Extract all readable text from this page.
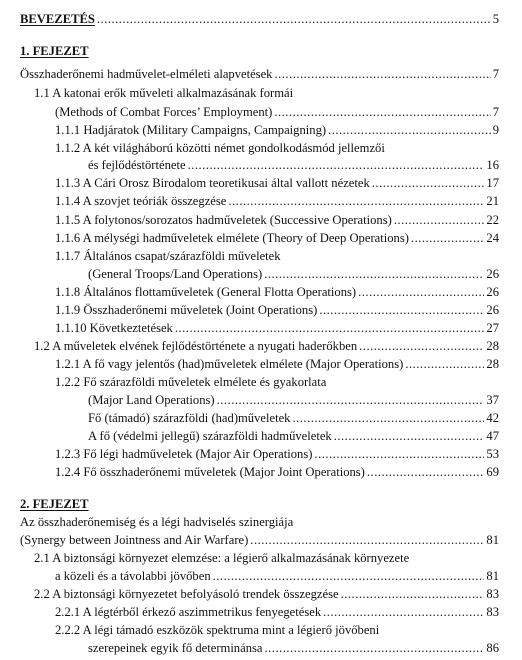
BEVEZETÉS .....	5
1. FEJEZET
Összhaderőnemi hadművelet-elméleti alapvetések .....	7
1.1 A katonai erők műveleti alkalmazásának formái
(Methods of Combat Forces’ Employment) .....	7
1.1.1 Hadjáratok (Military Campaigns, Campaigning) .....	9
1.1.2 A két világháború közötti német gondolkodásmód jellemzői
és fejlődéstörténete .....	16
1.1.3 A Cári Orosz Birodalom teoretikusai által vallott nézetek .....	17
1.1.4 A szovjet teóriák összegzése .....	21
1.1.5 A folytonos/sorozatos hadműveletek (Successive Operations) .....	22
1.1.6 A mélységi hadműveletek elmélete (Theory of Deep Operations) .....	24
1.1.7 Általános csapat/szárazföldi műveletek
(General Troops/Land Operations) .....	26
1.1.8 Általános flottaműveletek (General Flotta Operations) .....	26
1.1.9 Összhaderőnemi műveletek (Joint Operations) .....	26
1.1.10 Következtetések .....	27
1.2 A műveletek elvének fejlődéstörténete a nyugati haderőkben .....	28
1.2.1 A fő vagy jelentős (had)műveletek elmélete (Major Operations) .....	28
1.2.2 Fő szárazföldi műveletek elmélete és gyakorlata
(Major Land Operations) .....	37
Fő (támadó) szárazföldi (had)műveletek .....	42
A fő (védelmi jellegű) szárazföldi hadműveletek .....	47
1.2.3 Fő légi hadműveletek (Major Air Operations) .....	53
1.2.4 Fő összhaderőnemi műveletek (Major Joint Operations) .....	69
2. FEJEZET
Az összhaderőnemiség és a légi hadviselés szinergiája
(Synergy between Jointness and Air Warfare) .....	81
2.1 A biztonsági környezet elemzése: a légierő alkalmazásának környezete
a közeli és a távolabbi jövőben .....	81
2.2 A biztonsági környezetet befolyásoló trendek összegzése .....	83
2.2.1 A légtérből érkező aszimmetrikus fenyegetések .....	83
2.2.2 A légi támadó eszközök spektruma mint a légierő jövőbeni
szerepeinek egyik fő determinánsa .....	86
